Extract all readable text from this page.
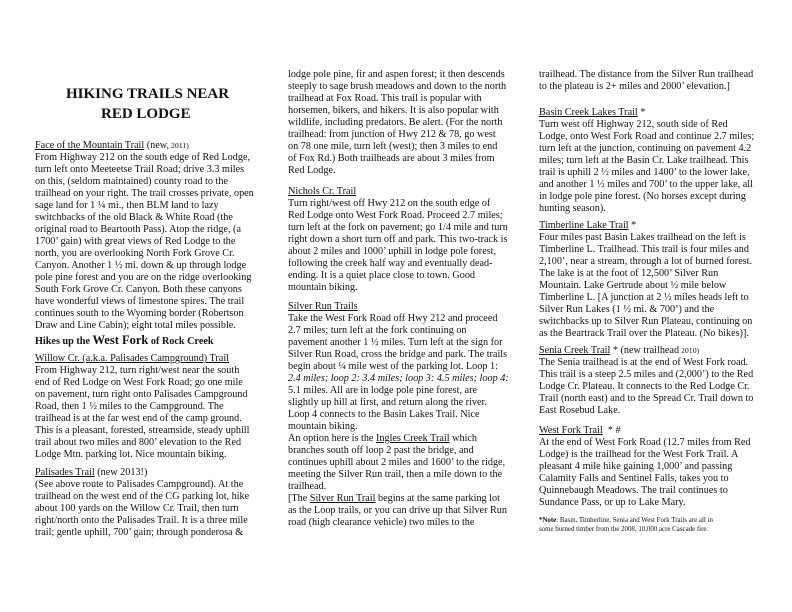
HIKING TRAILS NEAR
RED LODGE
Face of the Mountain Trail (new, 2011)
From Highway 212 on the south edge of Red Lodge,
turn left onto Meeteetse Trail Road; drive 3.3 miles
on this, (seldom maintained) county road to the
trailhead on your right. The trail crosses private, open
sage land for 1 ¼ mi., then BLM land to lazy
switchbacks of the old Black & White Road (the
original road to Beartooth Pass). Atop the ridge, (a
1700’ gain) with great views of Red Lodge to the
north, you are overlooking North Fork Grove Cr.
Canyon. Another 1 ½ mi. down & up through lodge
pole pine forest and you are on the ridge overlooking
South Fork Grove Cr. Canyon. Both these canyons
have wonderful views of limestone spires. The trail
continues south to the Wyoming border (Robertson
Draw and Line Cabin); eight total miles possible.
Hikes up the West Fork of Rock Creek
Willow Cr. (a.k.a. Palisades Campground) Trail
From Highway 212, turn right/west near the south
end of Red Lodge on West Fork Road; go one mile
on pavement, turn right onto Palisades Campground
Road, then 1 ½ miles to the Campground. The
trailhead is at the far west end of the camp ground.
This is a pleasant, forested, streamside, steady uphill
trail about two miles and 800’ elevation to the Red
Lodge Mtn. parking lot. Nice mountain biking.
Palisades Trail (new 2013!)
(See above route to Palisades Campground). At the
trailhead on the west end of the CG parking lot, hike
about 100 yards on the Willow Cr. Trail, then turn
right/north onto the Palisades Trail. It is a three mile
trail; gentle uphill, 700’ gain; through ponderosa &
lodge pole pine, fir and aspen forest; it then descends
steeply to sage brush meadows and down to the north
trailhead at Fox Road. This trail is popular with
horsemen, bikers, and hikers. It is also popular with
wildlife, including predators. Be alert. (For the north
trailhead: from junction of Hwy 212 & 78, go west
on 78 one mile, turn left (west); then 3 miles to end
of Fox Rd.) Both trailheads are about 3 miles from
Red Lodge.
Nichols Cr. Trail
Turn right/west off Hwy 212 on the south edge of
Red Lodge onto West Fork Road. Proceed 2.7 miles;
turn left at the fork on pavement; go 1/4 mile and turn
right down a short turn off and park. This two-track is
about 2 miles and 1000’ uphill in lodge pole forest,
following the creek half way and eventually dead-
ending. It is a quiet place close to town. Good
mountain biking.
Silver Run Trails
Take the West Fork Road off Hwy 212 and proceed
2.7 miles; turn left at the fork continuing on
pavement another 1 ½ miles. Turn left at the sign for
Silver Run Road, cross the bridge and park. The trails
begin about ¼ mile west of the parking lot. Loop 1:
2.4 miles; loop 2: 3.4 miles; loop 3: 4.5 miles; loop 4:
5.1 miles. All are in lodge pole pine forest, are
slightly up hill at first, and return along the river.
Loop 4 connects to the Basin Lakes Trail. Nice
mountain biking.
An option here is the Ingles Creek Trail which
branches south off loop 2 past the bridge, and
continues uphill about 2 miles and 1600’ to the ridge,
meeting the Silver Run trail, then a mile down to the
trailhead.
[The Silver Run Trail begins at the same parking lot
as the Loop trails, or you can drive up that Silver Run
road (high clearance vehicle) two miles to the
trailhead. The distance from the Silver Run trailhead
to the plateau is 2+ miles and 2000’ elevation.]
Basin Creek Lakes Trail *
Turn west off Highway 212, south side of Red
Lodge, onto West Fork Road and continue 2.7 miles;
turn left at the junction, continuing on pavement 4.2
miles; turn left at the Basin Cr. Lake trailhead. This
trail is uphill 2 ½ miles and 1400’ to the lower lake,
and another 1 ½ miles and 700’ to the upper lake, all
in lodge pole pine forest. (No horses except during
hunting season).
Timberline Lake Trail *
Four miles past Basin Lakes trailhead on the left is
Timberline L. Trailhead. This trail is four miles and
2,100’, near a stream, through a lot of burned forest.
The lake is at the foot of 12,500’ Silver Run
Mountain. Lake Gertrude about ½ mile below
Timberline L. [A junction at 2 ½ miles heads left to
Silver Run Lakes (1 ½ mi. & 700’) and the
switchbacks up to Silver Run Plateau, continuing on
as the Beartrack Trail over the Plateau. (No bikes)].
Senia Creek Trail * (new trailhead 2010)
The Senia trailhead is at the end of West Fork road.
This trail is a steep 2.5 miles and (2,000’) to the Red
Lodge Cr. Plateau. It connects to the Red Lodge Cr.
Trail (north east) and to the Spread Cr. Trail down to
East Rosebud Lake.
West Fork Trail  * #
At the end of West Fork Road (12.7 miles from Red
Lodge) is the trailhead for the West Fork Trail. A
pleasant 4 mile hike gaining 1,000’ and passing
Calamity Falls and Sentinel Falls, takes you to
Quinnebaugh Meadows. The trail continues to
Sundance Pass, or up to Lake Mary.
*Note: Basin, Timberline, Senia and West Fork Trails are all in
some burned timber from the 2008, 10,000 acre Cascade fire.
